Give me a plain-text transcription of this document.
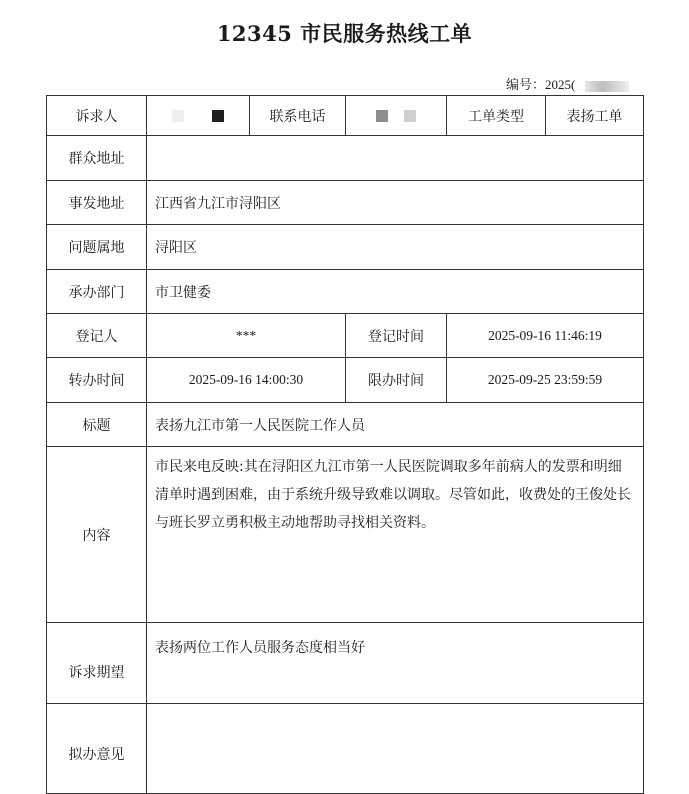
12345 市民服务热线工单
编号：2025(
诉求人		联系电话		工单类型	表扬工单
群众地址					
事发地址	江西省九江市浔阳区				
问题属地	浔阳区				
承办部门	市卫健委				
登记人	***		登记时间	2025-09-16 11:46:19	
转办时间	2025-09-16 14:00:30		限办时间	2025-09-25 23:59:59	
标题	表扬九江市第一人民医院工作人员				
内容	市民来电反映:其在浔阳区九江市第一人民医院调取多年前病人的发票和明细清单时遇到困难，由于系统升级导致难以调取。尽管如此，收费处的王俊处长与班长罗立勇积极主动地帮助寻找相关资料。				

诉求期望	表扬两位工作人员服务态度相当好				
拟办意见					
